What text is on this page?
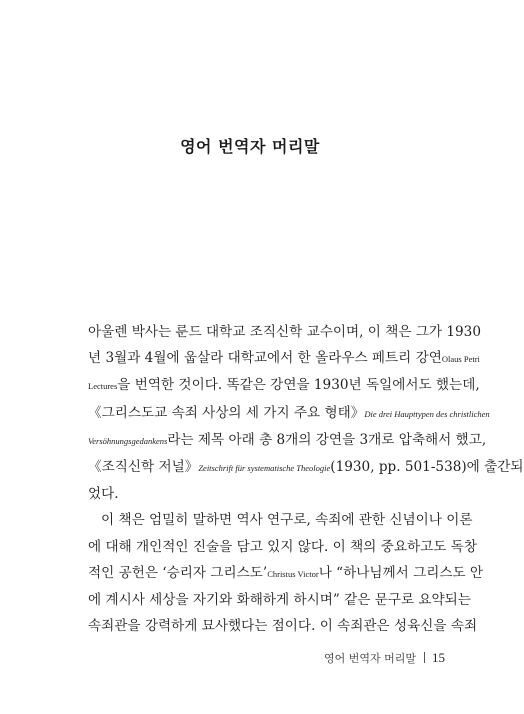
영어 번역자 머리말
아울렌 박사는 룬드 대학교 조직신학 교수이며, 이 책은 그가 1930
년 3월과 4월에 웁살라 대학교에서 한 올라우스 페트리 강연Olaus Petri
Lectures을 번역한 것이다. 똑같은 강연을 1930년 독일에서도 했는데,
《그리스도교 속죄 사상의 세 가지 주요 형태》Die drei Haupttypen des christlichen
Versöhnungsgedankens라는 제목 아래 총 8개의 강연을 3개로 압축해서 했고,
《조직신학 저널》Zeitschrift für systematische Theologie(1930, pp. 501-538)에 출간되
었다.
이 책은 엄밀히 말하면 역사 연구로, 속죄에 관한 신념이나 이론
에 대해 개인적인 진술을 담고 있지 않다. 이 책의 중요하고도 독창
적인 공헌은 ‘승리자 그리스도’Christus Victor나 “하나님께서 그리스도 안
에 계시사 세상을 자기와 화해하게 하시며” 같은 문구로 요약되는
속죄관을 강력하게 묘사했다는 점이다. 이 속죄관은 성육신을 속죄
영어 번역자 머리말 15
